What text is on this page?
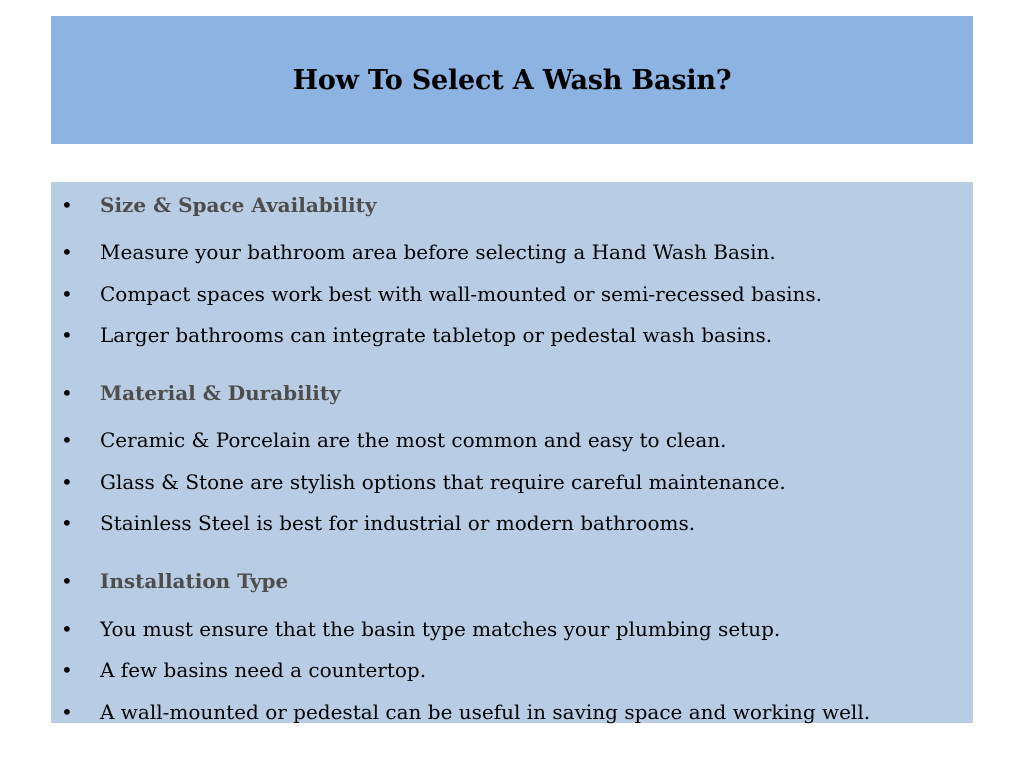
How To Select A Wash Basin?
•	Size & Space Availability
•	Measure your bathroom area before selecting a Hand Wash Basin.
•	Compact spaces work best with wall-mounted or semi-recessed basins.
•	Larger bathrooms can integrate tabletop or pedestal wash basins.
•	Material & Durability
•	Ceramic & Porcelain are the most common and easy to clean.
•	Glass & Stone are stylish options that require careful maintenance.
•	Stainless Steel is best for industrial or modern bathrooms.
•	Installation Type
•	You must ensure that the basin type matches your plumbing setup.
•	A few basins need a countertop.
•	A wall-mounted or pedestal can be useful in saving space and working well.
